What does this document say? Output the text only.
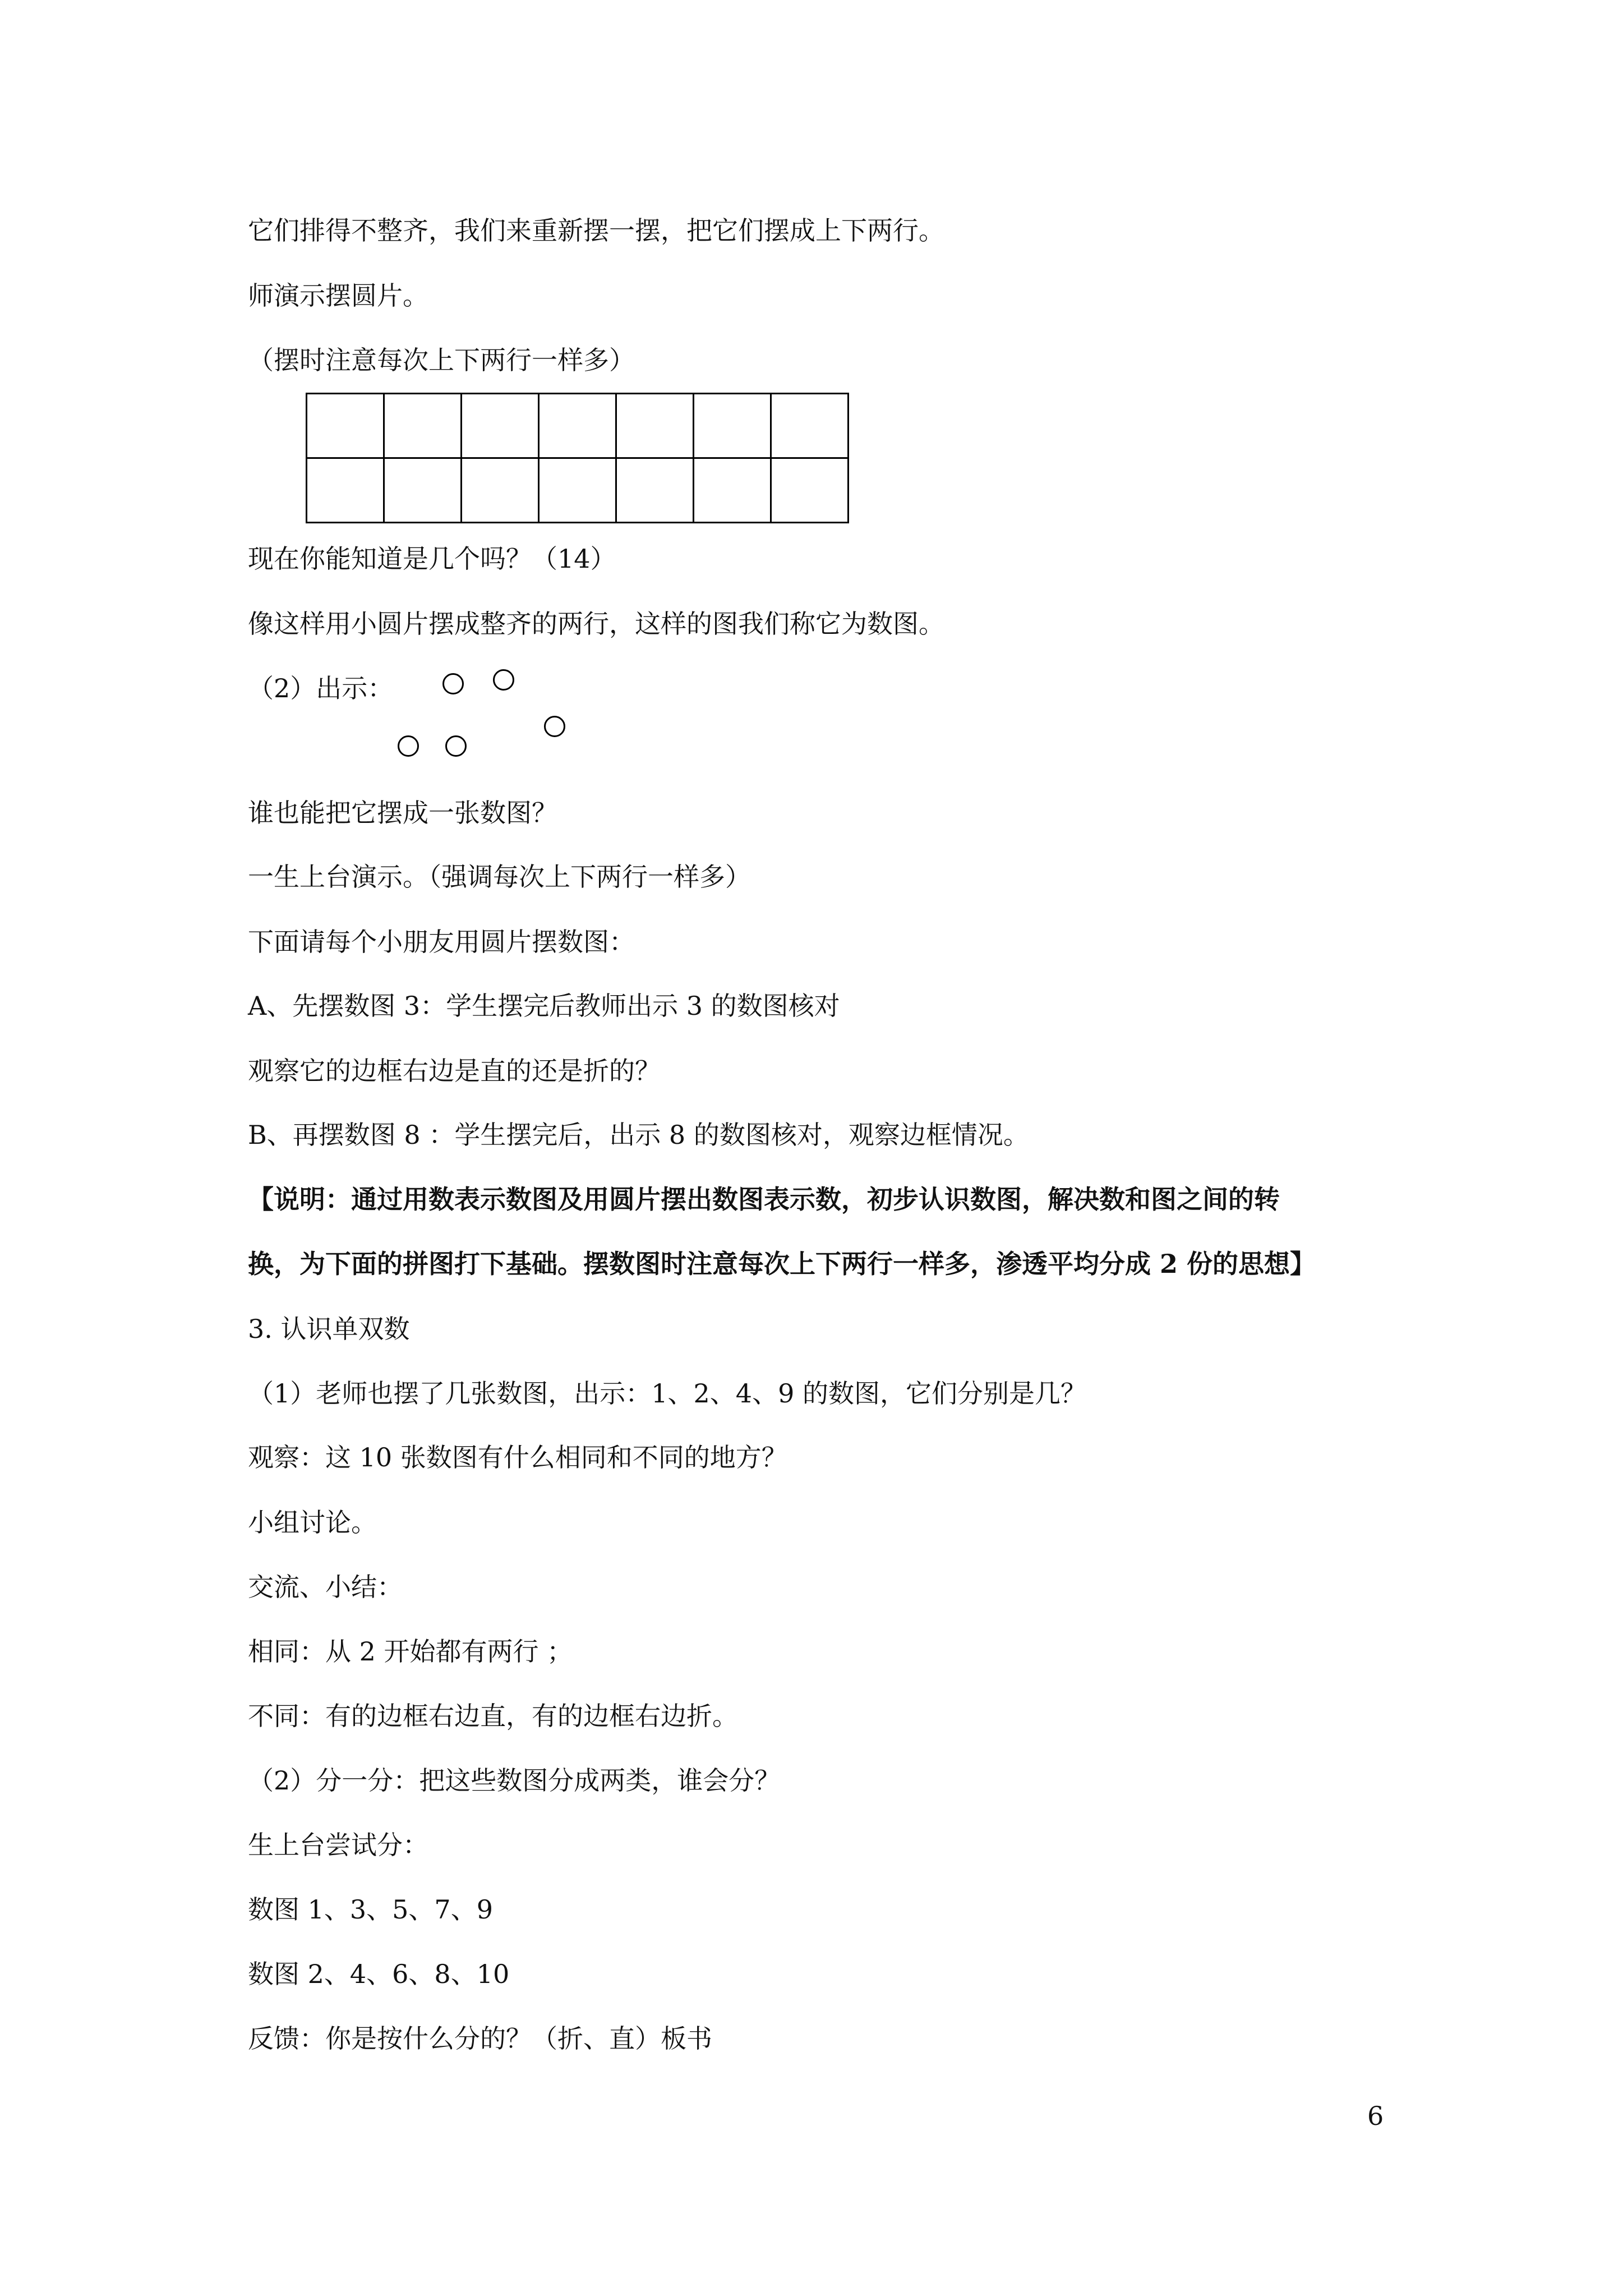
它们排得不整齐，我们来重新摆一摆，把它们摆成上下两行。
师演示摆圆片。
（摆时注意每次上下两行一样多）
现在你能知道是几个吗？（14）
像这样用小圆片摆成整齐的两行，这样的图我们称它为数图。
（2）出示：
谁也能把它摆成一张数图？
一生上台演示。（强调每次上下两行一样多）
下面请每个小朋友用圆片摆数图：
A、先摆数图 3：学生摆完后教师出示 3 的数图核对
观察它的边框右边是直的还是折的？
B、再摆数图 8 ：学生摆完后，出示 8 的数图核对，观察边框情况。
【说明：通过用数表示数图及用圆片摆出数图表示数，初步认识数图，解决数和图之间的转
换，为下面的拼图打下基础。摆数图时注意每次上下两行一样多，渗透平均分成 2 份的思想】
3. 认识单双数
（1）老师也摆了几张数图，出示：1、2、4、9 的数图，它们分别是几？
观察：这 10 张数图有什么相同和不同的地方？
小组讨论。
交流、小结：
相同：从 2 开始都有两行 ；
不同：有的边框右边直，有的边框右边折。
（2）分一分：把这些数图分成两类，谁会分？
生上台尝试分：
数图 1、3、5、7、9
数图 2、4、6、8、10
反馈：你是按什么分的？（折、直）板书
6
